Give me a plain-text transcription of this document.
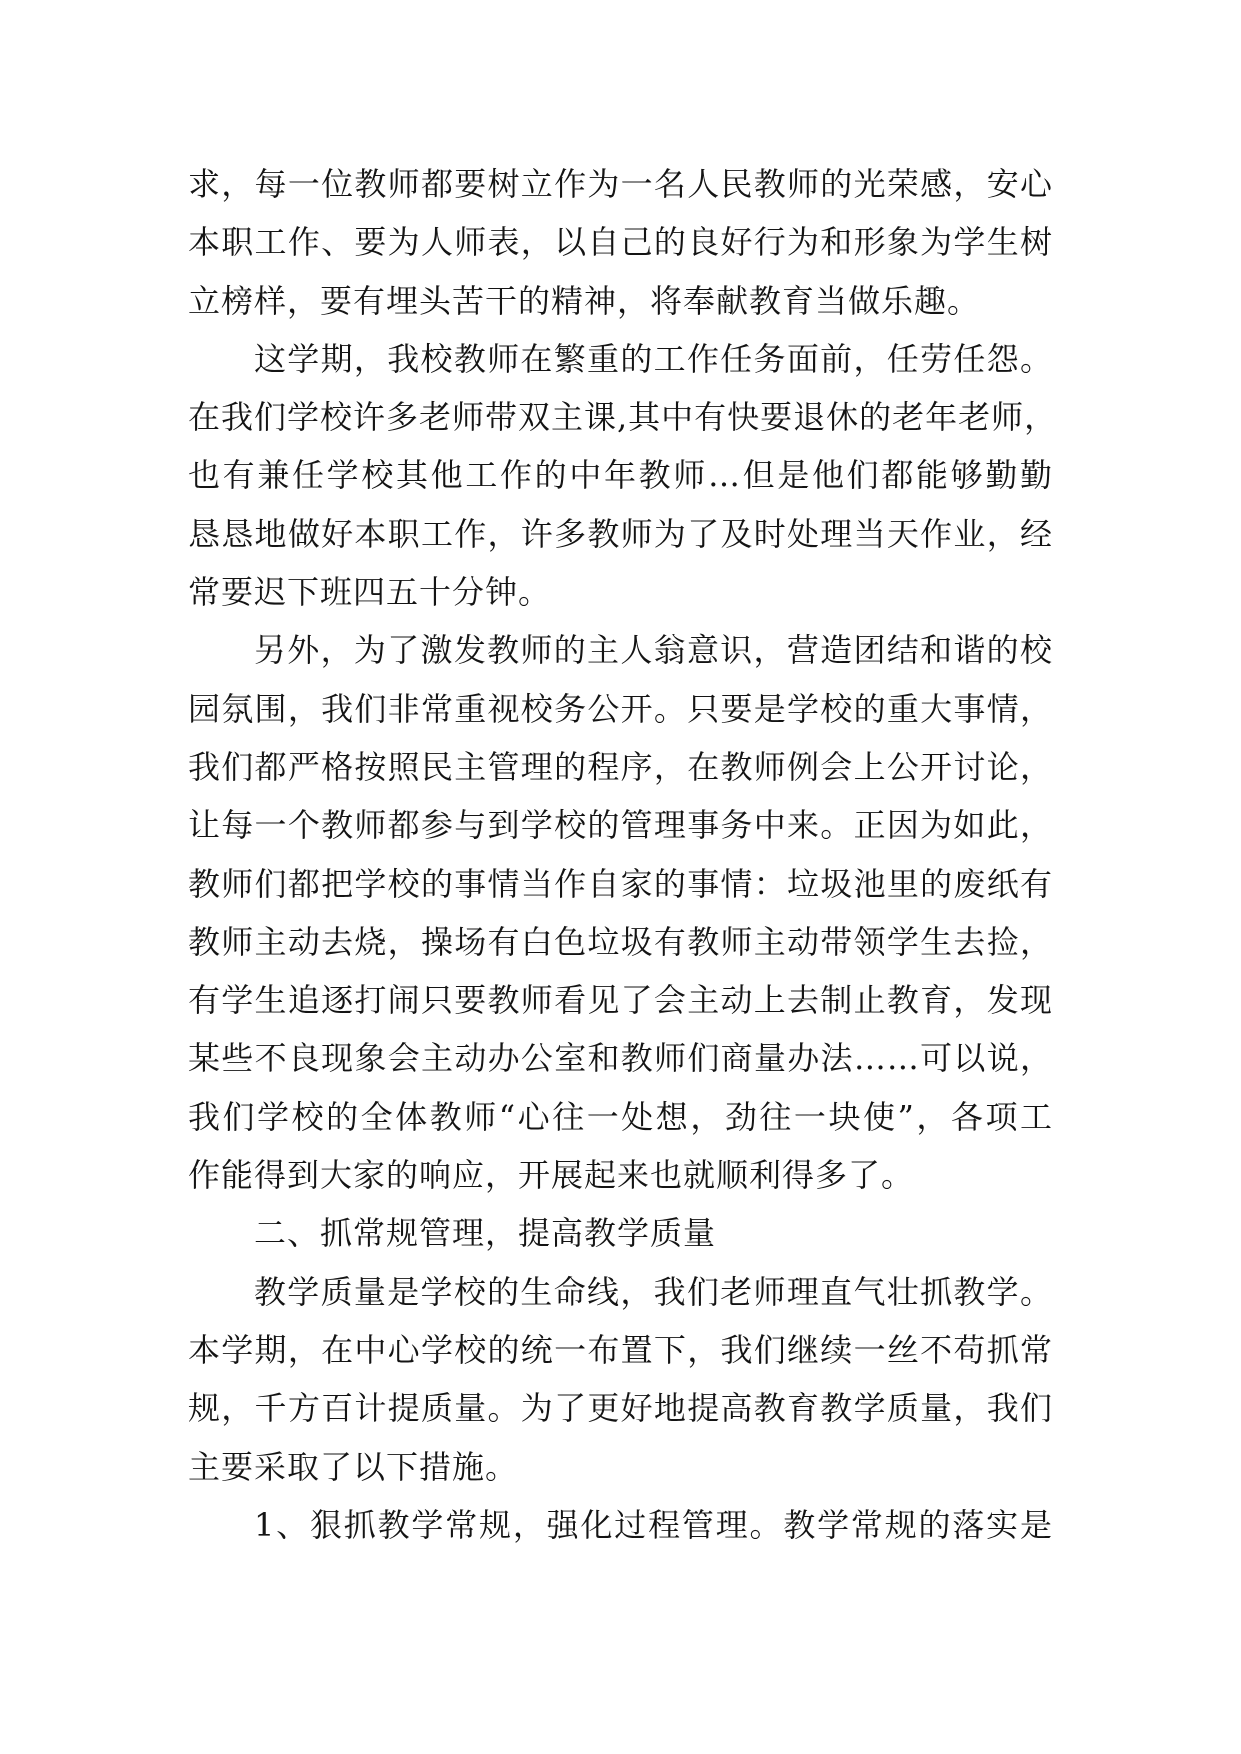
求，每一位教师都要树立作为一名人民教师的光荣感，安心
本职工作、要为人师表，以自己的良好行为和形象为学生树
立榜样，要有埋头苦干的精神，将奉献教育当做乐趣。
这学期，我校教师在繁重的工作任务面前，任劳任怨。
在我们学校许多老师带双主课,其中有快要退休的老年老师，
也有兼任学校其他工作的中年教师…但是他们都能够勤勤
恳恳地做好本职工作，许多教师为了及时处理当天作业，经
常要迟下班四五十分钟。
另外，为了激发教师的主人翁意识，营造团结和谐的校
园氛围，我们非常重视校务公开。只要是学校的重大事情，
我们都严格按照民主管理的程序，在教师例会上公开讨论，
让每一个教师都参与到学校的管理事务中来。正因为如此，
教师们都把学校的事情当作自家的事情：垃圾池里的废纸有
教师主动去烧，操场有白色垃圾有教师主动带领学生去捡，
有学生追逐打闹只要教师看见了会主动上去制止教育，发现
某些不良现象会主动办公室和教师们商量办法……可以说，
我们学校的全体教师“心往一处想，劲往一块使”，各项工
作能得到大家的响应，开展起来也就顺利得多了。
二、抓常规管理，提高教学质量
教学质量是学校的生命线，我们老师理直气壮抓教学。
本学期，在中心学校的统一布置下，我们继续一丝不苟抓常
规，千方百计提质量。为了更好地提高教育教学质量，我们
主要采取了以下措施。
1、狠抓教学常规，强化过程管理。教学常规的落实是
